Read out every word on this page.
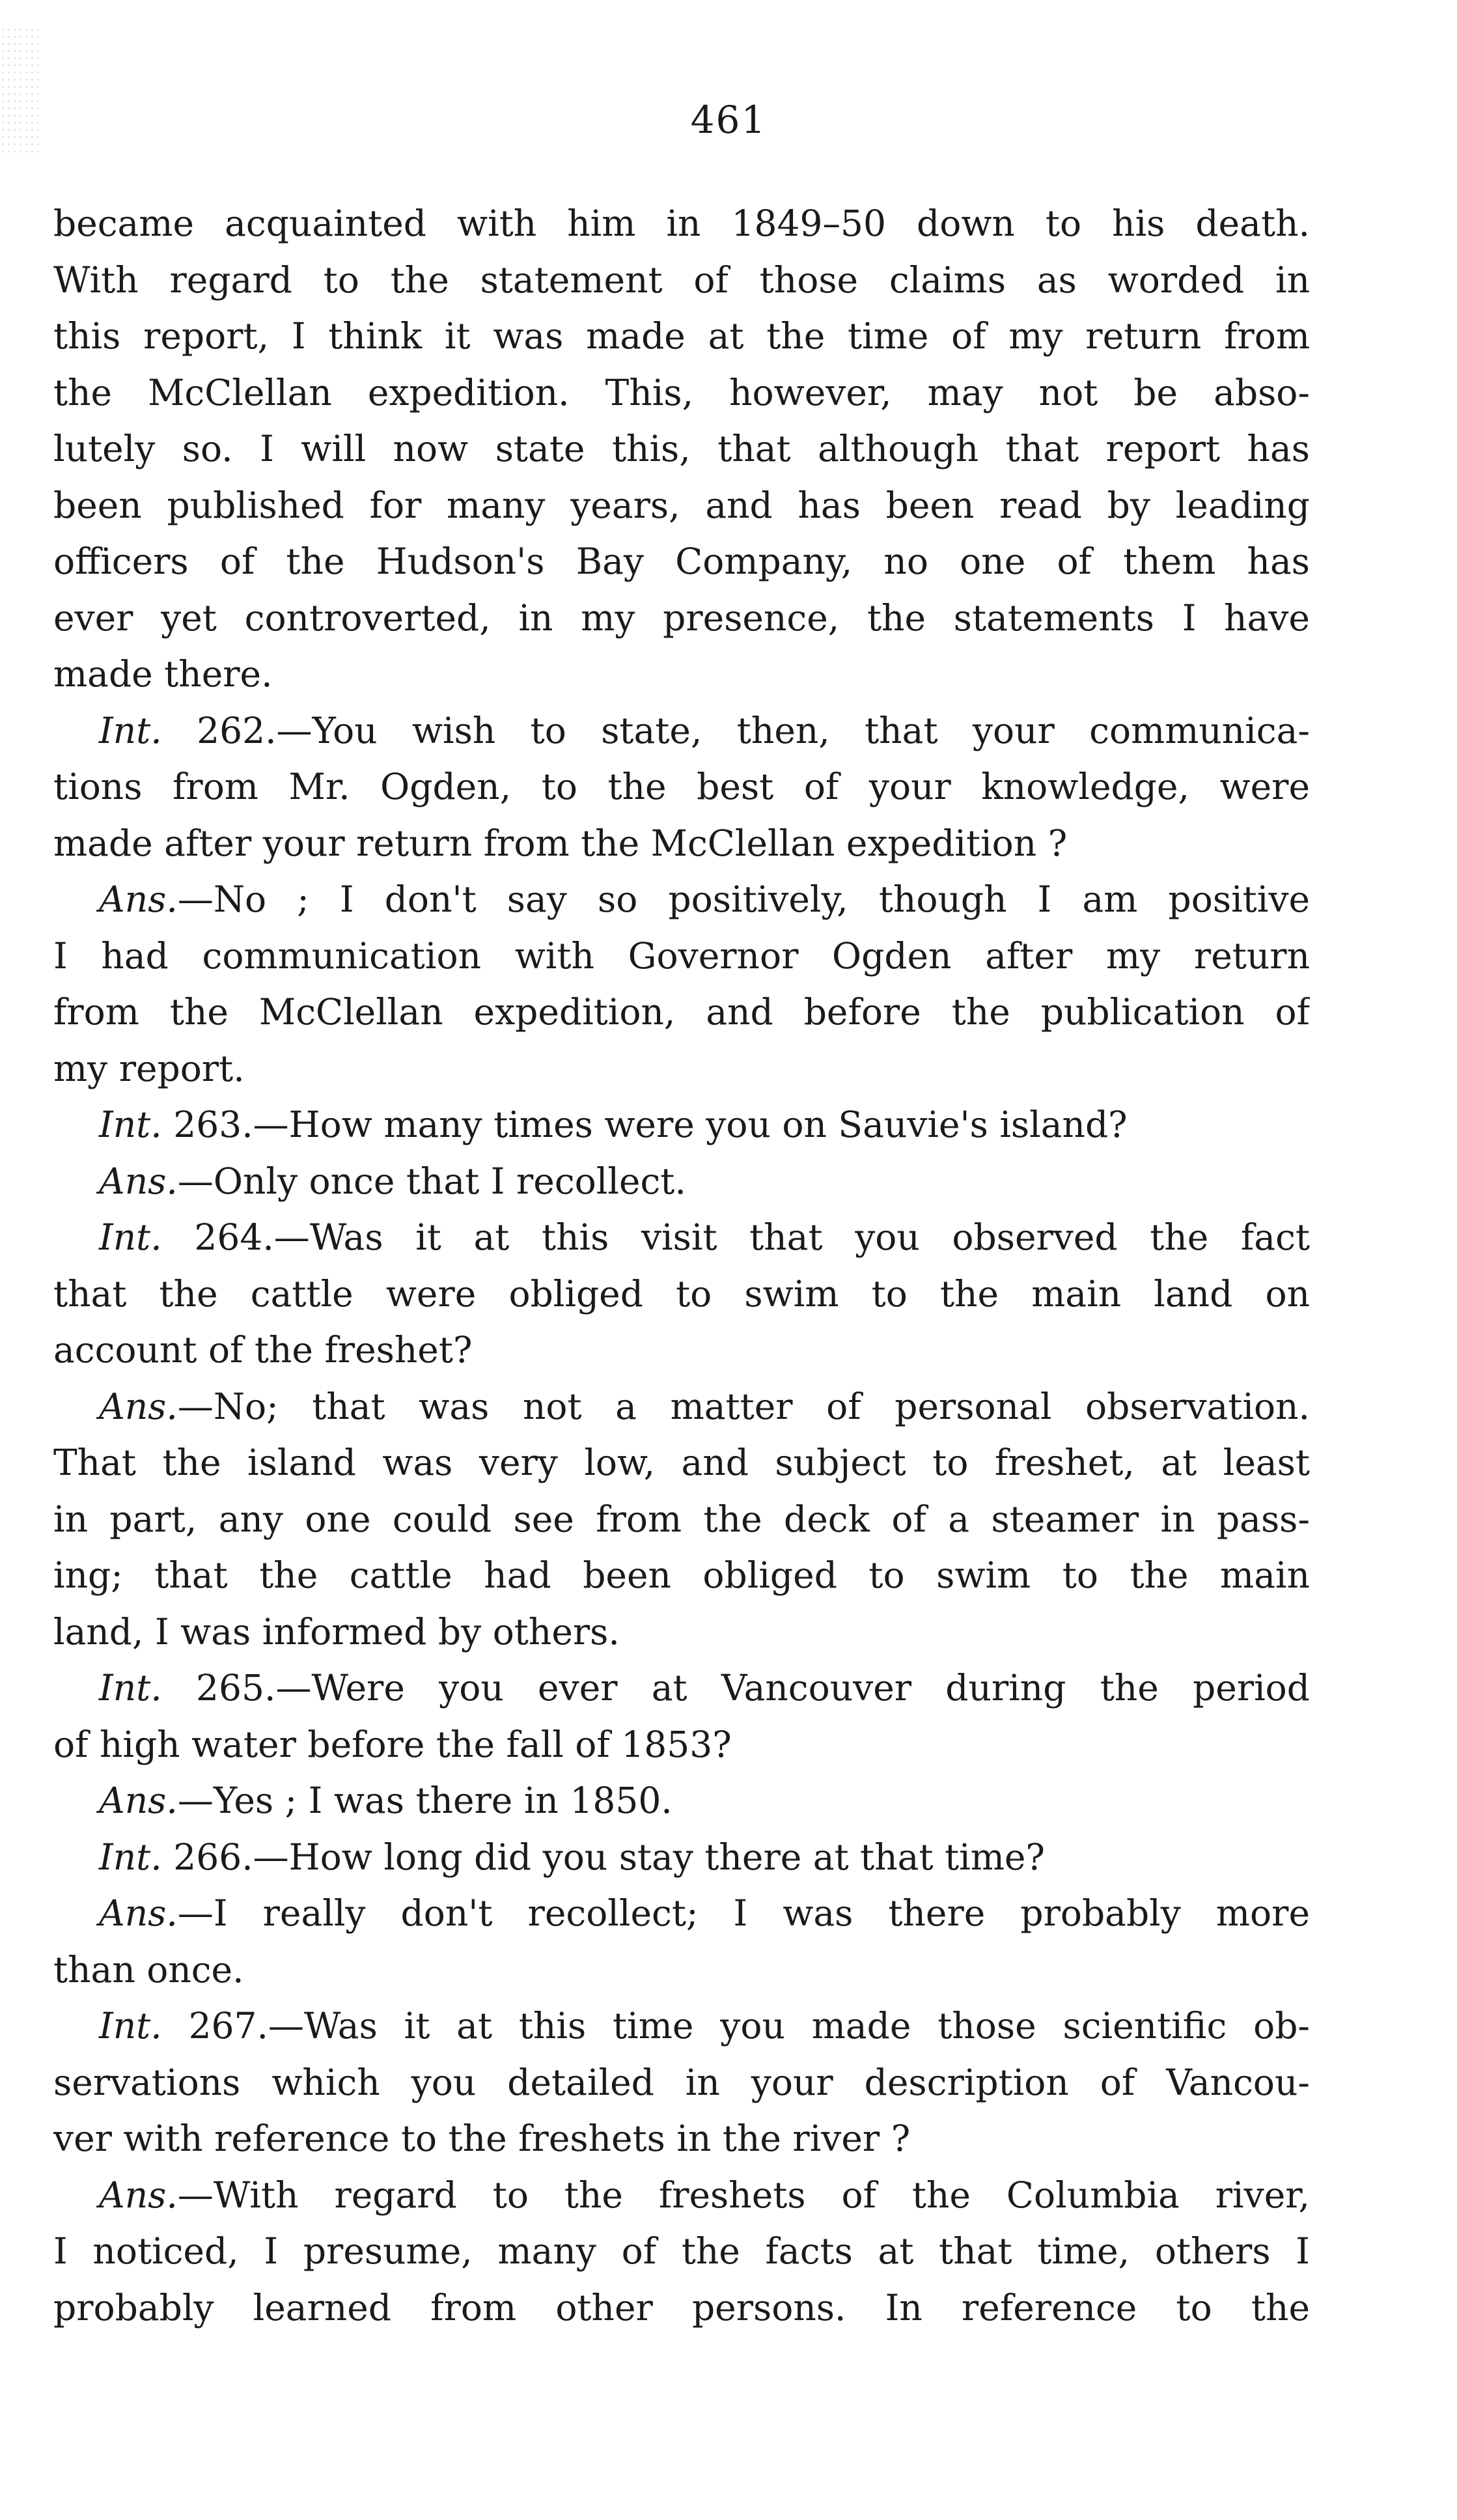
461
became acquainted with him in 1849–50 down to his death.
With regard to the statement of those claims as worded in
this report, I think it was made at the time of my return from
the McClellan expedition. This, however, may not be abso-
lutely so. I will now state this, that although that report has
been published for many years, and has been read by leading
officers of the Hudson's Bay Company, no one of them has
ever yet controverted, in my presence, the statements I have
made there.
Int. 262.—You wish to state, then, that your communica-
tions from Mr. Ogden, to the best of your knowledge, were
made after your return from the McClellan expedition ?
Ans.—No ; I don't say so positively, though I am positive
I had communication with Governor Ogden after my return
from the McClellan expedition, and before the publication of
my report.
Int. 263.—How many times were you on Sauvie's island?
Ans.—Only once that I recollect.
Int. 264.—Was it at this visit that you observed the fact
that the cattle were obliged to swim to the main land on
account of the freshet?
Ans.—No; that was not a matter of personal observation.
That the island was very low, and subject to freshet, at least
in part, any one could see from the deck of a steamer in pass-
ing; that the cattle had been obliged to swim to the main
land, I was informed by others.
Int. 265.—Were you ever at Vancouver during the period
of high water before the fall of 1853?
Ans.—Yes ; I was there in 1850.
Int. 266.—How long did you stay there at that time?
Ans.—I really don't recollect; I was there probably more
than once.
Int. 267.—Was it at this time you made those scientific ob-
servations which you detailed in your description of Vancou-
ver with reference to the freshets in the river ?
Ans.—With regard to the freshets of the Columbia river,
I noticed, I presume, many of the facts at that time, others I
probably learned from other persons. In reference to the
